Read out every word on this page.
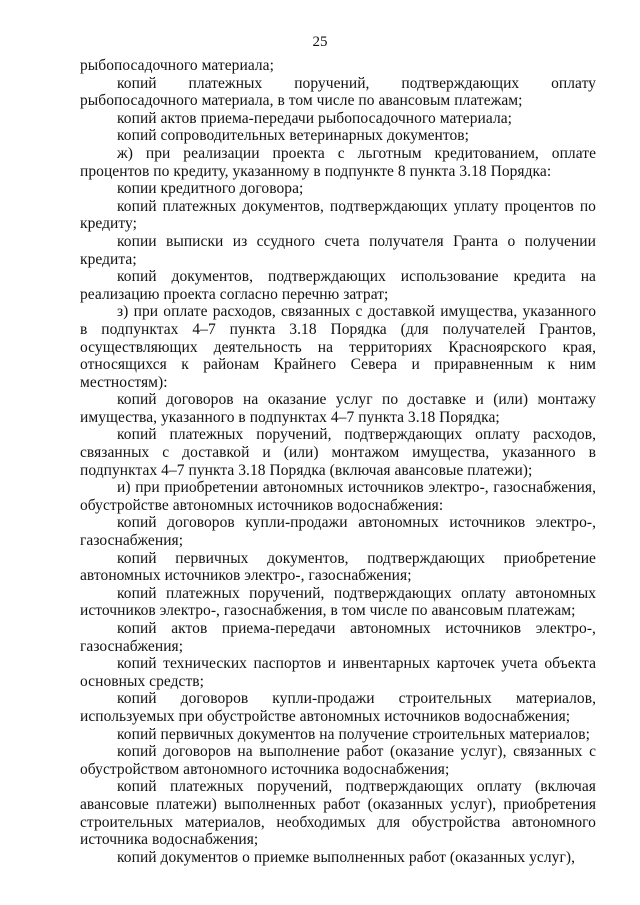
25

рыбопосадочного материала;

копий платежных поручений, подтверждающих оплату рыбопосадочного материала, в том числе по авансовым платежам;

копий актов приема-передачи рыбопосадочного материала;

копий сопроводительных ветеринарных документов;

ж) при реализации проекта с льготным кредитованием, оплате процентов по кредиту, указанному в подпункте 8 пункта 3.18 Порядка:

копии кредитного договора;

копий платежных документов, подтверждающих уплату процентов по кредиту;

копии выписки из ссудного счета получателя Гранта о получении кредита;

копий документов, подтверждающих использование кредита на реализацию проекта согласно перечню затрат;

з) при оплате расходов, связанных с доставкой имущества, указанного в подпунктах 4–7 пункта 3.18 Порядка (для получателей Грантов, осуществляющих деятельность на территориях Красноярского края, относящихся к районам Крайнего Севера и приравненным к ним местностям):

копий договоров на оказание услуг по доставке и (или) монтажу имущества, указанного в подпунктах 4–7 пункта 3.18 Порядка;

копий платежных поручений, подтверждающих оплату расходов, связанных с доставкой и (или) монтажом имущества, указанного в подпунктах 4–7 пункта 3.18 Порядка (включая авансовые платежи);

и) при приобретении автономных источников электро-, газоснабжения, обустройстве автономных источников водоснабжения:

копий договоров купли-продажи автономных источников электро-, газоснабжения;

копий первичных документов, подтверждающих приобретение автономных источников электро-, газоснабжения;

копий платежных поручений, подтверждающих оплату автономных источников электро-, газоснабжения, в том числе по авансовым платежам;

копий актов приема-передачи автономных источников электро-, газоснабжения;

копий технических паспортов и инвентарных карточек учета объекта основных средств;

копий договоров купли-продажи строительных материалов, используемых при обустройстве автономных источников водоснабжения;

копий первичных документов на получение строительных материалов;

копий договоров на выполнение работ (оказание услуг), связанных с обустройством автономного источника водоснабжения;

копий платежных поручений, подтверждающих оплату (включая авансовые платежи) выполненных работ (оказанных услуг), приобретения строительных материалов, необходимых для обустройства автономного источника водоснабжения;

копий документов о приемке выполненных работ (оказанных услуг),
